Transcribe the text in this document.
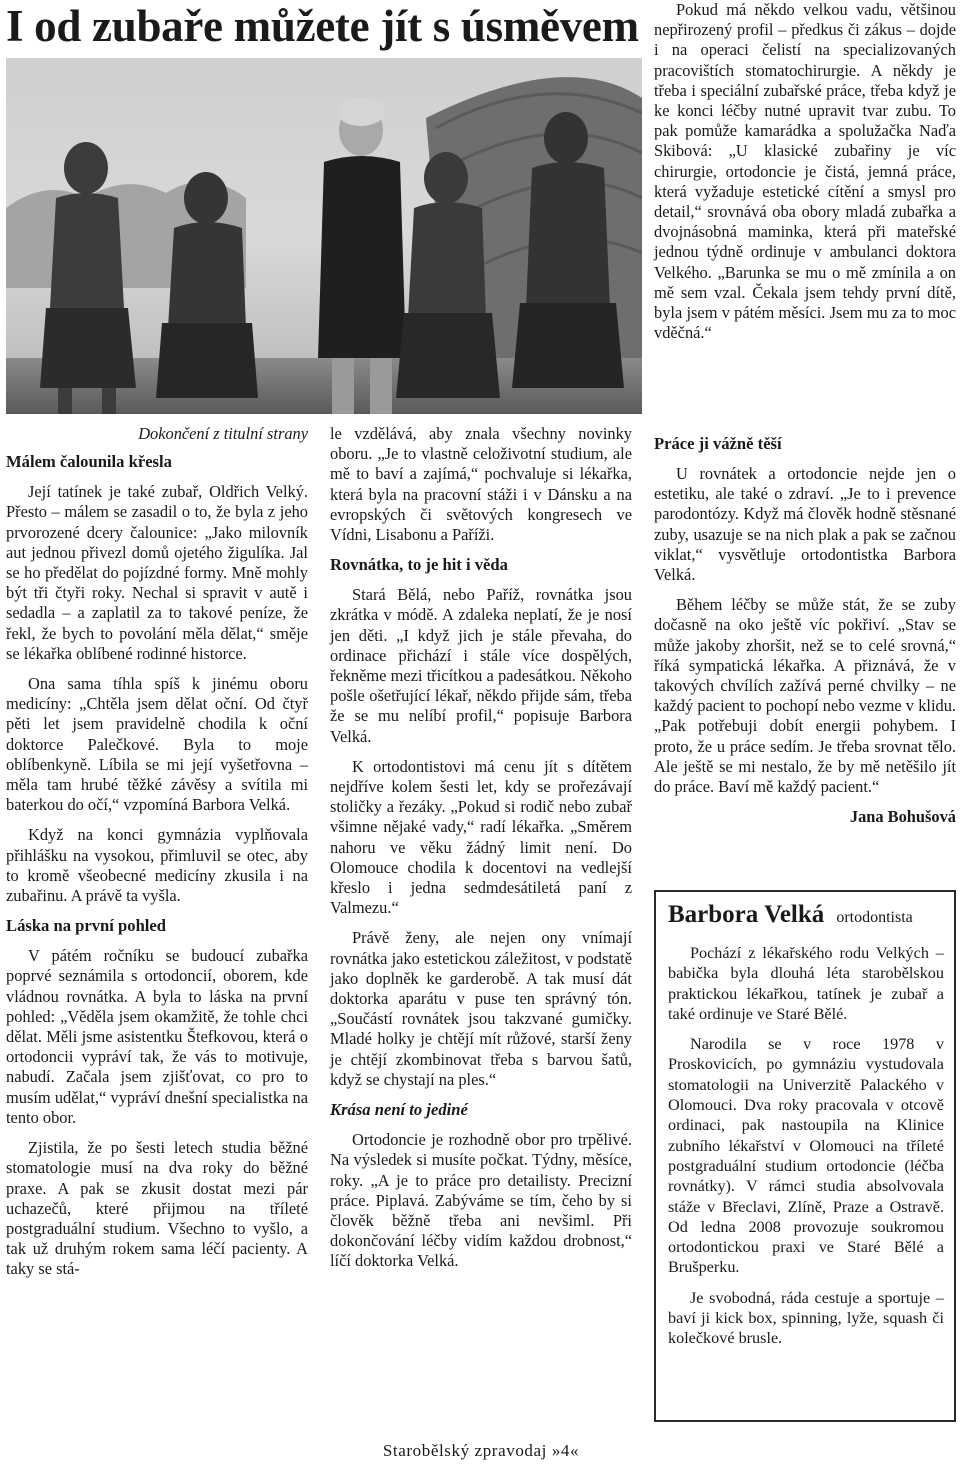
I od zubaře můžete jít s úsměvem

Dokončení z titulní strany

Málem čalounila křesla

Její tatínek je také zubař, Oldřich Velký. Přesto – málem se zasadil o to, že byla z jeho prvorozené dcery čalounice: „Jako milovník aut jednou přivezl domů ojetého žigulíka. Jal se ho předělat do pojízdné formy. Mně mohly být tři čtyři roky. Nechal si spravit v autě i sedadla – a zaplatil za to takové peníze, že řekl, že bych to povolání měla dělat,“ směje se lékařka oblíbené rodinné historce.

Ona sama tíhla spíš k jinému oboru medicíny: „Chtěla jsem dělat oční. Od čtyř pěti let jsem pravidelně chodila k oční doktorce Palečkové. Byla to moje oblíbenkyně. Líbila se mi její vyšetřovna – měla tam hrubé těžké závěsy a svítila mi baterkou do očí,“ vzpomíná Barbora Velká.

Když na konci gymnázia vyplňovala přihlášku na vysokou, přimluvil se otec, aby to kromě všeobecné medicíny zkusila i na zubařinu. A právě ta vyšla.

Láska na první pohled

V pátém ročníku se budoucí zubařka poprvé seznámila s ortodoncií, oborem, kde vládnou rovnátka. A byla to láska na první pohled: „Věděla jsem okamžitě, že tohle chci dělat. Měli jsme asistentku Štefkovou, která o ortodoncii vypráví tak, že vás to motivuje, nabudí. Začala jsem zjišťovat, co pro to musím udělat,“ vypráví dnešní specialistka na tento obor.

Zjistila, že po šesti letech studia běžné stomatologie musí na dva roky do běžné praxe. A pak se zkusit dostat mezi pár uchazečů, které přijmou na tříleté postgraduální studium. Všechno to vyšlo, a tak už druhým rokem sama léčí pacienty. A taky se stá-

le vzdělává, aby znala všechny novinky oboru. „Je to vlastně celoživotní studium, ale mě to baví a zajímá,“ pochvaluje si lékařka, která byla na pracovní stáži i v Dánsku a na evropských či světových kongresech ve Vídni, Lisabonu a Paříži.

Rovnátka, to je hit i věda

Stará Bělá, nebo Paříž, rovnátka jsou zkrátka v módě. A zdaleka neplatí, že je nosí jen děti. „I když jich je stále převaha, do ordinace přichází i stále více dospělých, řekněme mezi třicítkou a padesátkou. Někoho pošle ošetřující lékař, někdo přijde sám, třeba že se mu nelíbí profil,“ popisuje Barbora Velká.

K ortodontistovi má cenu jít s dítětem nejdříve kolem šesti let, kdy se prořezávají stoličky a řezáky. „Pokud si rodič nebo zubař všimne nějaké vady,“ radí lékařka. „Směrem nahoru ve věku žádný limit není. Do Olomouce chodila k docentovi na vedlejší křeslo i jedna sedmdesátiletá paní z Valmezu.“

Právě ženy, ale nejen ony vnímají rovnátka jako estetickou záležitost, v podstatě jako doplněk ke garderobě. A tak musí dát doktorka aparátu v puse ten správný tón. „Součástí rovnátek jsou takzvané gumičky. Mladé holky je chtějí mít růžové, starší ženy je chtějí zkombinovat třeba s barvou šatů, když se chystají na ples.“

Krása není to jediné

Ortodoncie je rozhodně obor pro trpělivé. Na výsledek si musíte počkat. Týdny, měsíce, roky. „A je to práce pro detailisty. Precizní práce. Piplavá. Zabýváme se tím, čeho by si člověk běžně třeba ani nevšiml. Při dokončování léčby vidím každou drobnost,“ líčí doktorka Velká.

Pokud má někdo velkou vadu, většinou nepřirozený profil – předkus či zákus – dojde i na operaci čelistí na specializovaných pracovištích stomatochirurgie. A někdy je třeba i speciální zubařské práce, třeba když je ke konci léčby nutné upravit tvar zubu. To pak pomůže kamarádka a spolužačka Naďa Skibová: „U klasické zubařiny je víc chirurgie, ortodoncie je čistá, jemná práce, která vyžaduje estetické cítění a smysl pro detail,“ srovnává oba obory mladá zubařka a dvojnásobná maminka, která při mateřské jednou týdně ordinuje v ambulanci doktora Velkého. „Barunka se mu o mě zmínila a on mě sem vzal. Čekala jsem tehdy první dítě, byla jsem v pátém měsíci. Jsem mu za to moc vděčná.“

Práce ji vážně těší

U rovnátek a ortodoncie nejde jen o estetiku, ale také o zdraví. „Je to i prevence parodontózy. Když má člověk hodně stěsnané zuby, usazuje se na nich plak a pak se začnou viklat,“ vysvětluje ortodontistka Barbora Velká.

Během léčby se může stát, že se zuby dočasně na oko ještě víc pokřiví. „Stav se může jakoby zhoršit, než se to celé srovná,“ říká sympatická lékařka. A přiznává, že v takových chvílích zažívá perné chvilky – ne každý pacient to pochopí nebo vezme v klidu. „Pak potřebuji dobít energii pohybem. I proto, že u práce sedím. Je třeba srovnat tělo. Ale ještě se mi nestalo, že by mě netěšilo jít do práce. Baví mě každý pacient.“

Jana Bohušová

Barbora Velká ortodontista

Pochází z lékařského rodu Velkých – babička byla dlouhá léta starobělskou praktickou lékařkou, tatínek je zubař a také ordinuje ve Staré Bělé.

Narodila se v roce 1978 v Proskovicích, po gymnáziu vystudovala stomatologii na Univerzitě Palackého v Olomouci. Dva roky pracovala v otcově ordinaci, pak nastoupila na Klinice zubního lékařství v Olomouci na tříleté postgraduální studium ortodoncie (léčba rovnátky). V rámci studia absolvovala stáže v Břeclavi, Zlíně, Praze a Ostravě. Od ledna 2008 provozuje soukromou ortodontickou praxi ve Staré Bělé a Brušperku.

Je svobodná, ráda cestuje a sportuje – baví ji kick box, spinning, lyže, squash či kolečkové brusle.

Starobělský zpravodaj »4«
